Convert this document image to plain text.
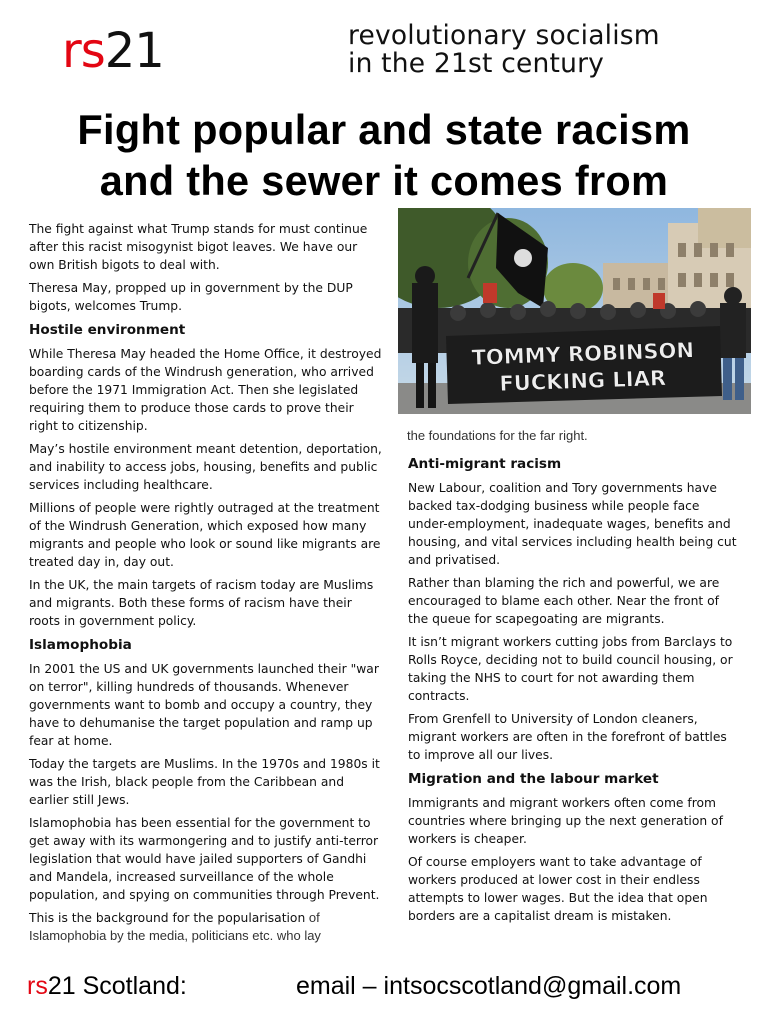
rs21	revolutionary socialism
in the 21st century
Fight popular and state racism
and the sewer it comes from

The fight against what Trump stands for must continue after this racist misogynist bigot leaves. We have our own British bigots to deal with.

Theresa May, propped up in government by the DUP bigots, welcomes Trump.

Hostile environment

While Theresa May headed the Home Office, it destroyed boarding cards of the Windrush generation, who arrived before the 1971 Immigration Act. Then she legislated requiring them to produce those cards to prove their right to citizenship.

May’s hostile environment meant detention, deportation, and inability to access jobs, housing, benefits and public services including healthcare.

Millions of people were rightly outraged at the treatment of the Windrush Generation, which exposed how many migrants and people who look or sound like migrants are treated day in, day out.

In the UK, the main targets of racism today are Muslims and migrants. Both these forms of racism have their roots in government policy.

Islamophobia

In 2001 the US and UK governments launched their "war on terror", killing hundreds of thousands. Whenever governments want to bomb and occupy a country, they have to dehumanise the target population and ramp up fear at home.

Today the targets are Muslims. In the 1970s and 1980s it was the Irish, black people from the Caribbean and earlier still Jews.

Islamophobia has been essential for the government to get away with its warmongering and to justify anti-terror legislation that would have jailed supporters of Gandhi and Mandela, increased surveillance of the whole population, and spying on communities through Prevent.

This is the background for the popularisation of Islamophobia by the media, politicians etc. who lay

TOMMY ROBINSON
FUCKING LIAR
the foundations for the far right.
Anti-migrant racism

New Labour, coalition and Tory governments have backed tax-dodging business while people face under-employment, inadequate wages, benefits and housing, and vital services including health being cut and privatised.

Rather than blaming the rich and powerful, we are encouraged to blame each other. Near the front of the queue for scapegoating are migrants.

It isn’t migrant workers cutting jobs from Barclays to Rolls Royce, deciding not to build council housing, or taking the NHS to court for not awarding them contracts.

From Grenfell to University of London cleaners, migrant workers are often in the forefront of battles to improve all our lives.

Migration and the labour market

Immigrants and migrant workers often come from countries where bringing up the next generation of workers is cheaper.

Of course employers want to take advantage of workers produced at lower cost in their endless attempts to lower wages. But the idea that open borders are a capitalist dream is mistaken.

rs21 Scotland:	email – intsocscotland@gmail.com
